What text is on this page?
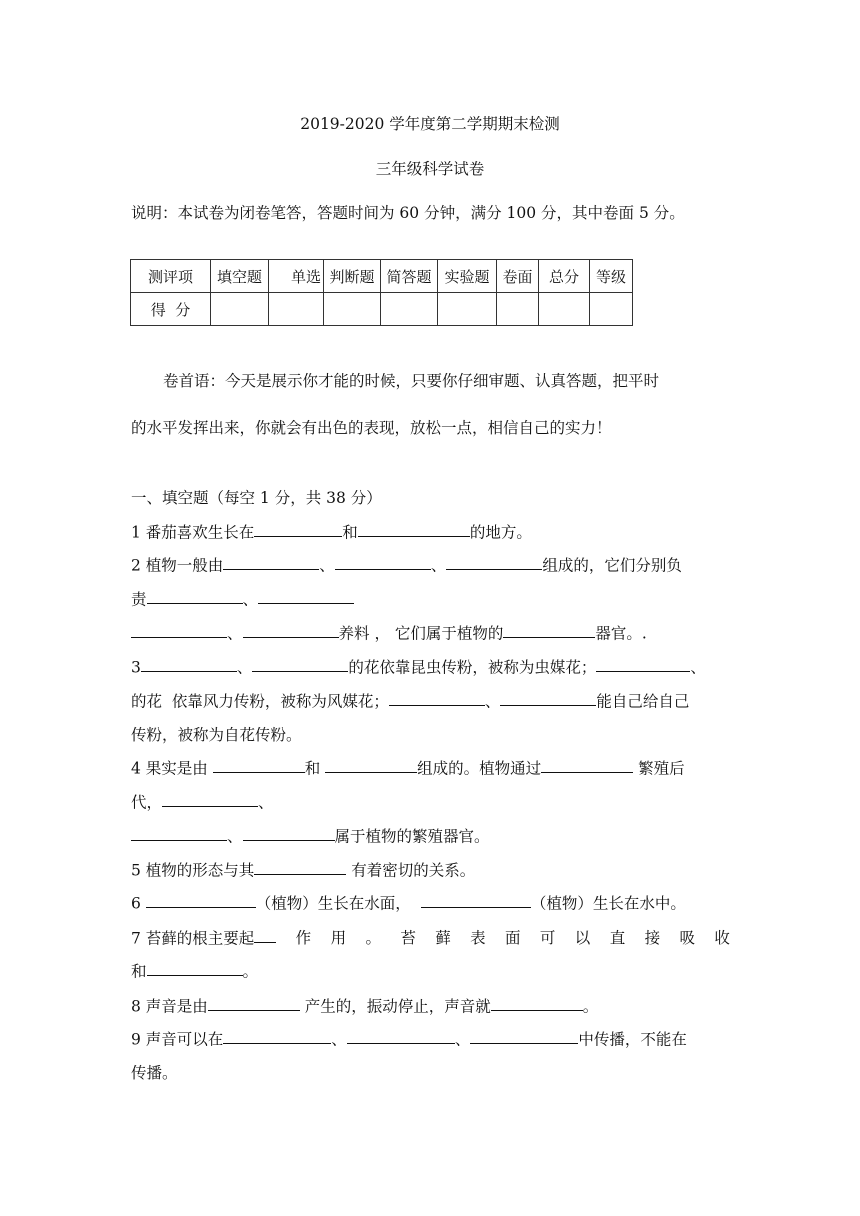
2019-2020 学年度第二学期期末检测
三年级科学试卷
说明：本试卷为闭卷笔答，答题时间为 60 分钟，满分 100 分，其中卷面 5 分。
测评项	填空题	单选	判断题	简答题	实验题	卷面	总分	等级
得  分								
卷首语：今天是展示你才能的时候，只要你仔细审题、认真答题，把平时
的水平发挥出来，你就会有出色的表现，放松一点，相信自己的实力！
一、填空题（每空 1 分，共 38 分）
1 番茄喜欢生长在	和	的地方。
2 植物一般由	、	、	组成的，它们分别负
责	、
、	养料 ， 它们属于植物的	器官。.
3	、	的花依靠昆虫传粉，被称为虫媒花；	、
的花  依靠风力传粉，被称为风媒花；	、	能自己给自己
传粉，被称为自花传粉。
4 果实是由	和	组成的。植物通过	繁殖后
代，	、
、	属于植物的繁殖器官。
5 植物的形态与其	有着密切的关系。
6	（植物）生长在水面，	（植物）生长在水中。
7 苔藓的根主要起	作 用 。 苔 藓 表 面 可 以 直 接 吸 收
和	。
8 声音是由	产生的，振动停止，声音就	。
9 声音可以在	、	、	中传播，不能在
传播。
